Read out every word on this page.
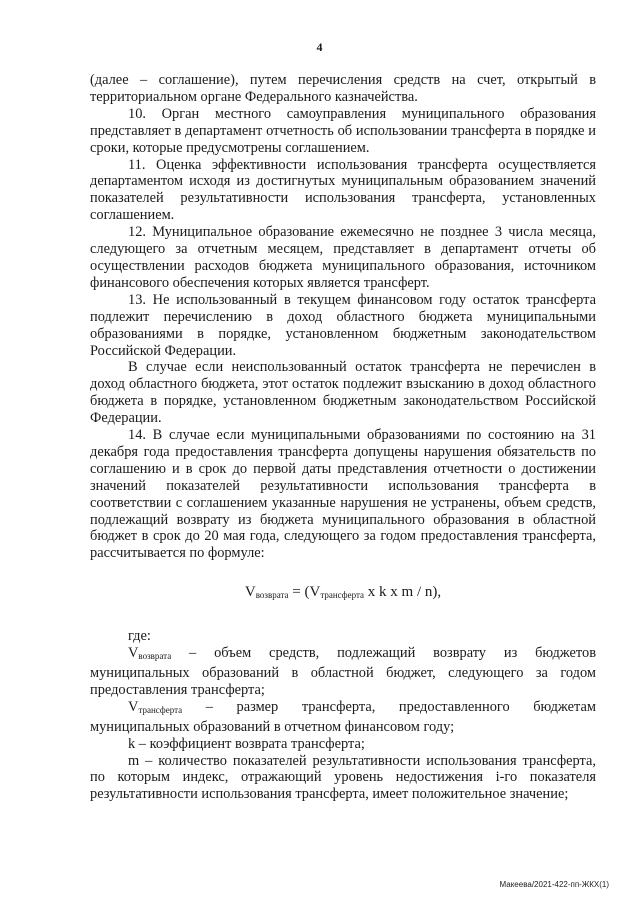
4

(далее – соглашение), путем перечисления средств на счет, открытый в территориальном органе Федерального казначейства.

10. Орган местного самоуправления муниципального образования представляет в департамент отчетность об использовании трансферта в порядке и сроки, которые предусмотрены соглашением.

11. Оценка эффективности использования трансферта осуществляется департаментом исходя из достигнутых муниципальным образованием значений показателей результативности использования трансферта, установленных соглашением.

12. Муниципальное образование ежемесячно не позднее 3 числа месяца, следующего за отчетным месяцем, представляет в департамент отчеты об осуществлении расходов бюджета муниципального образования, источником финансового обеспечения которых является трансферт.

13. Не использованный в текущем финансовом году остаток трансферта подлежит перечислению в доход областного бюджета муниципальными образованиями в порядке, установленном бюджетным законодательством Российской Федерации.

В случае если неиспользованный остаток трансферта не перечислен в доход областного бюджета, этот остаток подлежит взысканию в доход областного бюджета в порядке, установленном бюджетным законодательством Российской Федерации.

14. В случае если муниципальными образованиями по состоянию на 31 декабря года предоставления трансферта допущены нарушения обязательств по соглашению и в срок до первой даты представления отчетности о достижении значений показателей результативности использования трансферта в соответствии с соглашением указанные нарушения не устранены, объем средств, подлежащий возврату из бюджета муниципального образования в областной бюджет в срок до 20 мая года, следующего за годом предоставления трансферта, рассчитывается по формуле:

$V_{возврата} = (V_{трансферта}$ x k x m / n),

где:

$V_{возврата}$ – объем средств, подлежащий возврату из бюджетов муниципальных образований в областной бюджет, следующего за годом предоставления трансферта;

$V_{трансферта}$ – размер трансферта, предоставленного бюджетам муниципальных образований в отчетном финансовом году;

k – коэффициент возврата трансферта;

m – количество показателей результативности использования трансферта, по которым индекс, отражающий уровень недостижения i-го показателя результативности использования трансферта, имеет положительное значение;

Макеева/2021-422-пп-ЖКХ(1)
